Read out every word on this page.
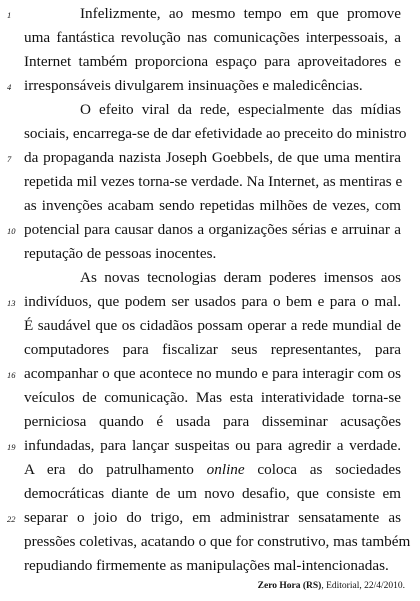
Infelizmente, ao mesmo tempo em que promove
uma fantástica revolução nas comunicações interpessoais, a
Internet também proporciona espaço para aproveitadores e
irresponsáveis divulgarem insinuações e maledicências.
O efeito viral da rede, especialmente das mídias
sociais, encarrega-se de dar efetividade ao preceito do ministro
da propaganda nazista Joseph Goebbels, de que uma mentira
repetida mil vezes torna-se verdade. Na Internet, as mentiras e
as invenções acabam sendo repetidas milhões de vezes, com
potencial para causar danos a organizações sérias e arruinar a
reputação de pessoas inocentes.
As novas tecnologias deram poderes imensos aos
indivíduos, que podem ser usados para o bem e para o mal.
É saudável que os cidadãos possam operar a rede mundial de
computadores para fiscalizar seus representantes, para
acompanhar o que acontece no mundo e para interagir com os
veículos de comunicação. Mas esta interatividade torna-se
perniciosa quando é usada para disseminar acusações
infundadas, para lançar suspeitas ou para agredir a verdade.
A era do patrulhamento online coloca as sociedades
democráticas diante de um novo desafio, que consiste em
separar o joio do trigo, em administrar sensatamente as
pressões coletivas, acatando o que for construtivo, mas também
repudiando firmemente as manipulações mal-intencionadas.
1
4
7
10
13
16
19
22
Zero Hora (RS), Editorial, 22/4/2010.
